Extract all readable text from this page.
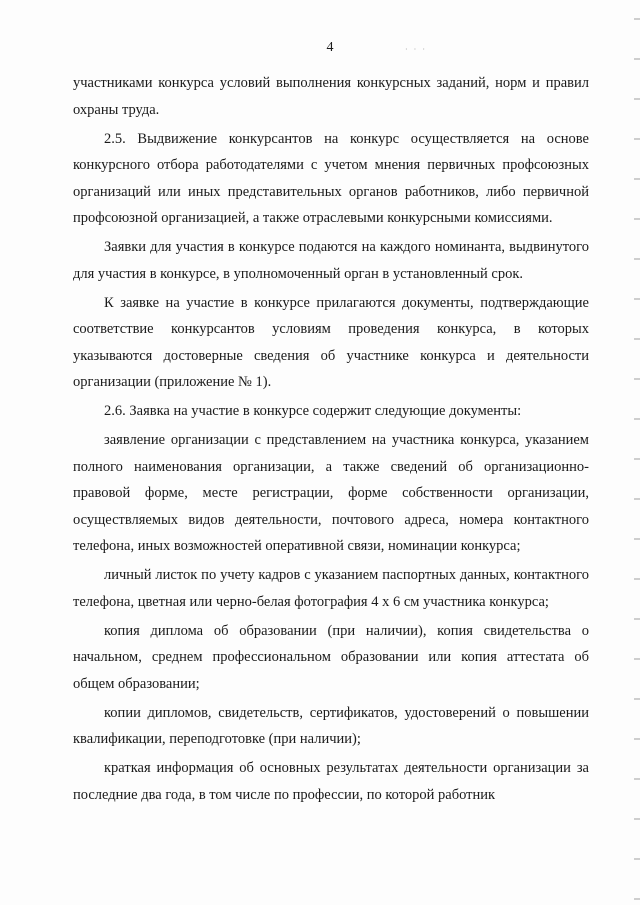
4	· · ·

участниками конкурса условий выполнения конкурсных заданий, норм и правил охраны труда.

2.5. Выдвижение конкурсантов на конкурс осуществляется на основе конкурсного отбора работодателями с учетом мнения первичных профсоюзных организаций или иных представительных органов работников, либо первичной профсоюзной организацией, а также отраслевыми конкурсными комиссиями.

Заявки для участия в конкурсе подаются на каждого номинанта, выдвинутого для участия в конкурсе, в уполномоченный орган в установленный срок.

К заявке на участие в конкурсе прилагаются документы, подтверждающие соответствие конкурсантов условиям проведения конкурса, в которых указываются достоверные сведения об участнике конкурса и деятельности организации (приложение № 1).

2.6. Заявка на участие в конкурсе содержит следующие документы:

заявление организации с представлением на участника конкурса, указанием полного наименования организации, а также сведений об организационно-правовой форме, месте регистрации, форме собственности организации, осуществляемых видов деятельности, почтового адреса, номера контактного телефона, иных возможностей оперативной связи, номинации конкурса;

личный листок по учету кадров с указанием паспортных данных, контактного телефона, цветная или черно-белая фотография 4 х 6 см участника конкурса;

копия диплома об образовании (при наличии), копия свидетельства о начальном, среднем профессиональном образовании или копия аттестата об общем образовании;

копии дипломов, свидетельств, сертификатов, удостоверений о повышении квалификации, переподготовке (при наличии);

краткая информация об основных результатах деятельности организации за последние два года, в том числе по профессии, по которой работник
